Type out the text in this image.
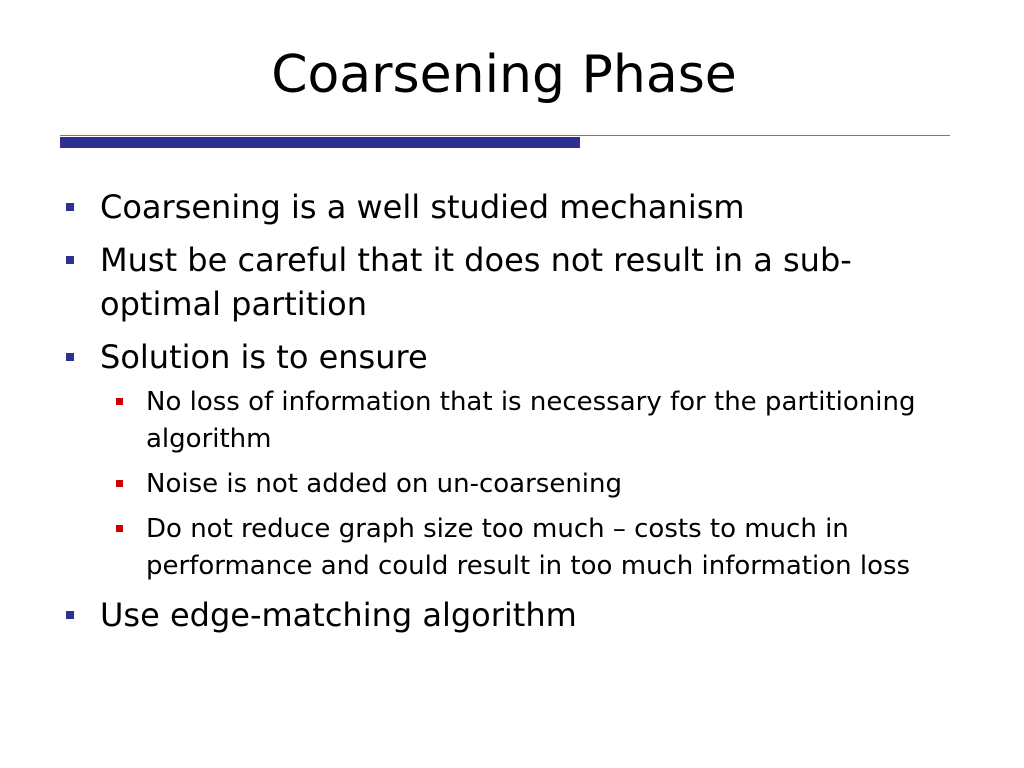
Coarsening Phase
Coarsening is a well studied mechanism
Must be careful that it does not result in a sub-optimal partition
Solution is to ensure
No loss of information that is necessary for the partitioning algorithm
Noise is not added on un-coarsening
Do not reduce graph size too much – costs to much in performance and could result in too much information loss
Use edge-matching algorithm
